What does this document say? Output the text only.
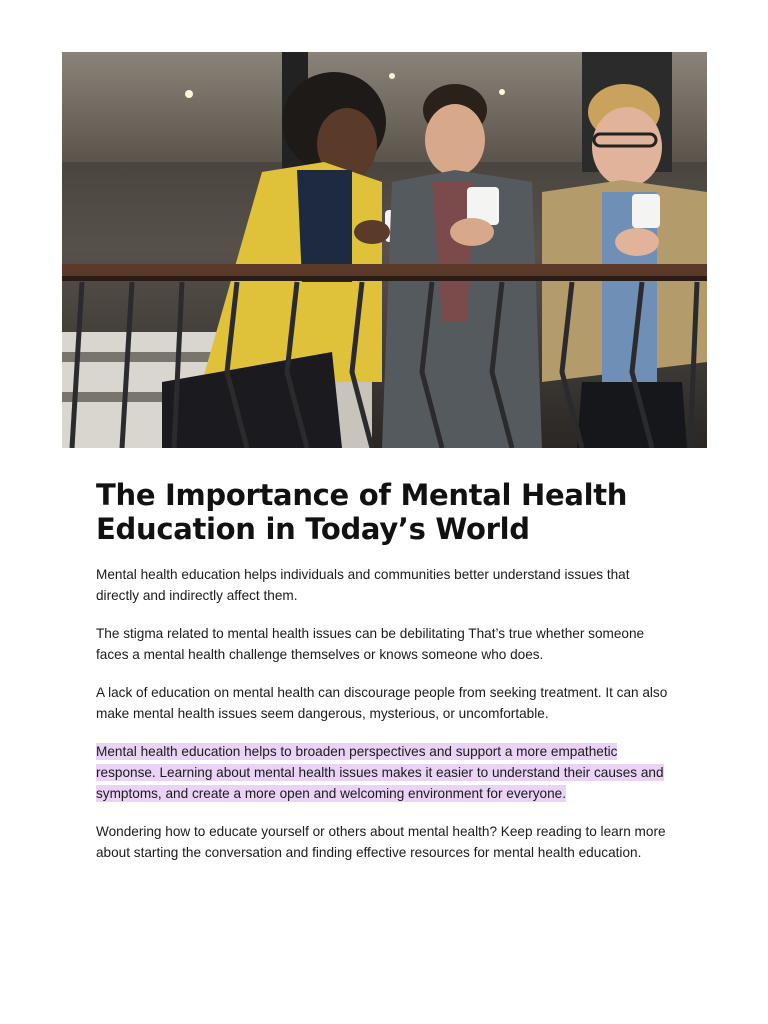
The Importance of Mental Health Education in Today’s World

Mental health education helps individuals and communities better understand issues that directly and indirectly affect them.

The stigma related to mental health issues can be debilitating That’s true whether someone faces a mental health challenge themselves or knows someone who does.

A lack of education on mental health can discourage people from seeking treatment. It can also make mental health issues seem dangerous, mysterious, or uncomfortable.

Mental health education helps to broaden perspectives and support a more empathetic response. Learning about mental health issues makes it easier to understand their causes and symptoms, and create a more open and welcoming environment for everyone.

Wondering how to educate yourself or others about mental health? Keep reading to learn more about starting the conversation and finding effective resources for mental health education.
